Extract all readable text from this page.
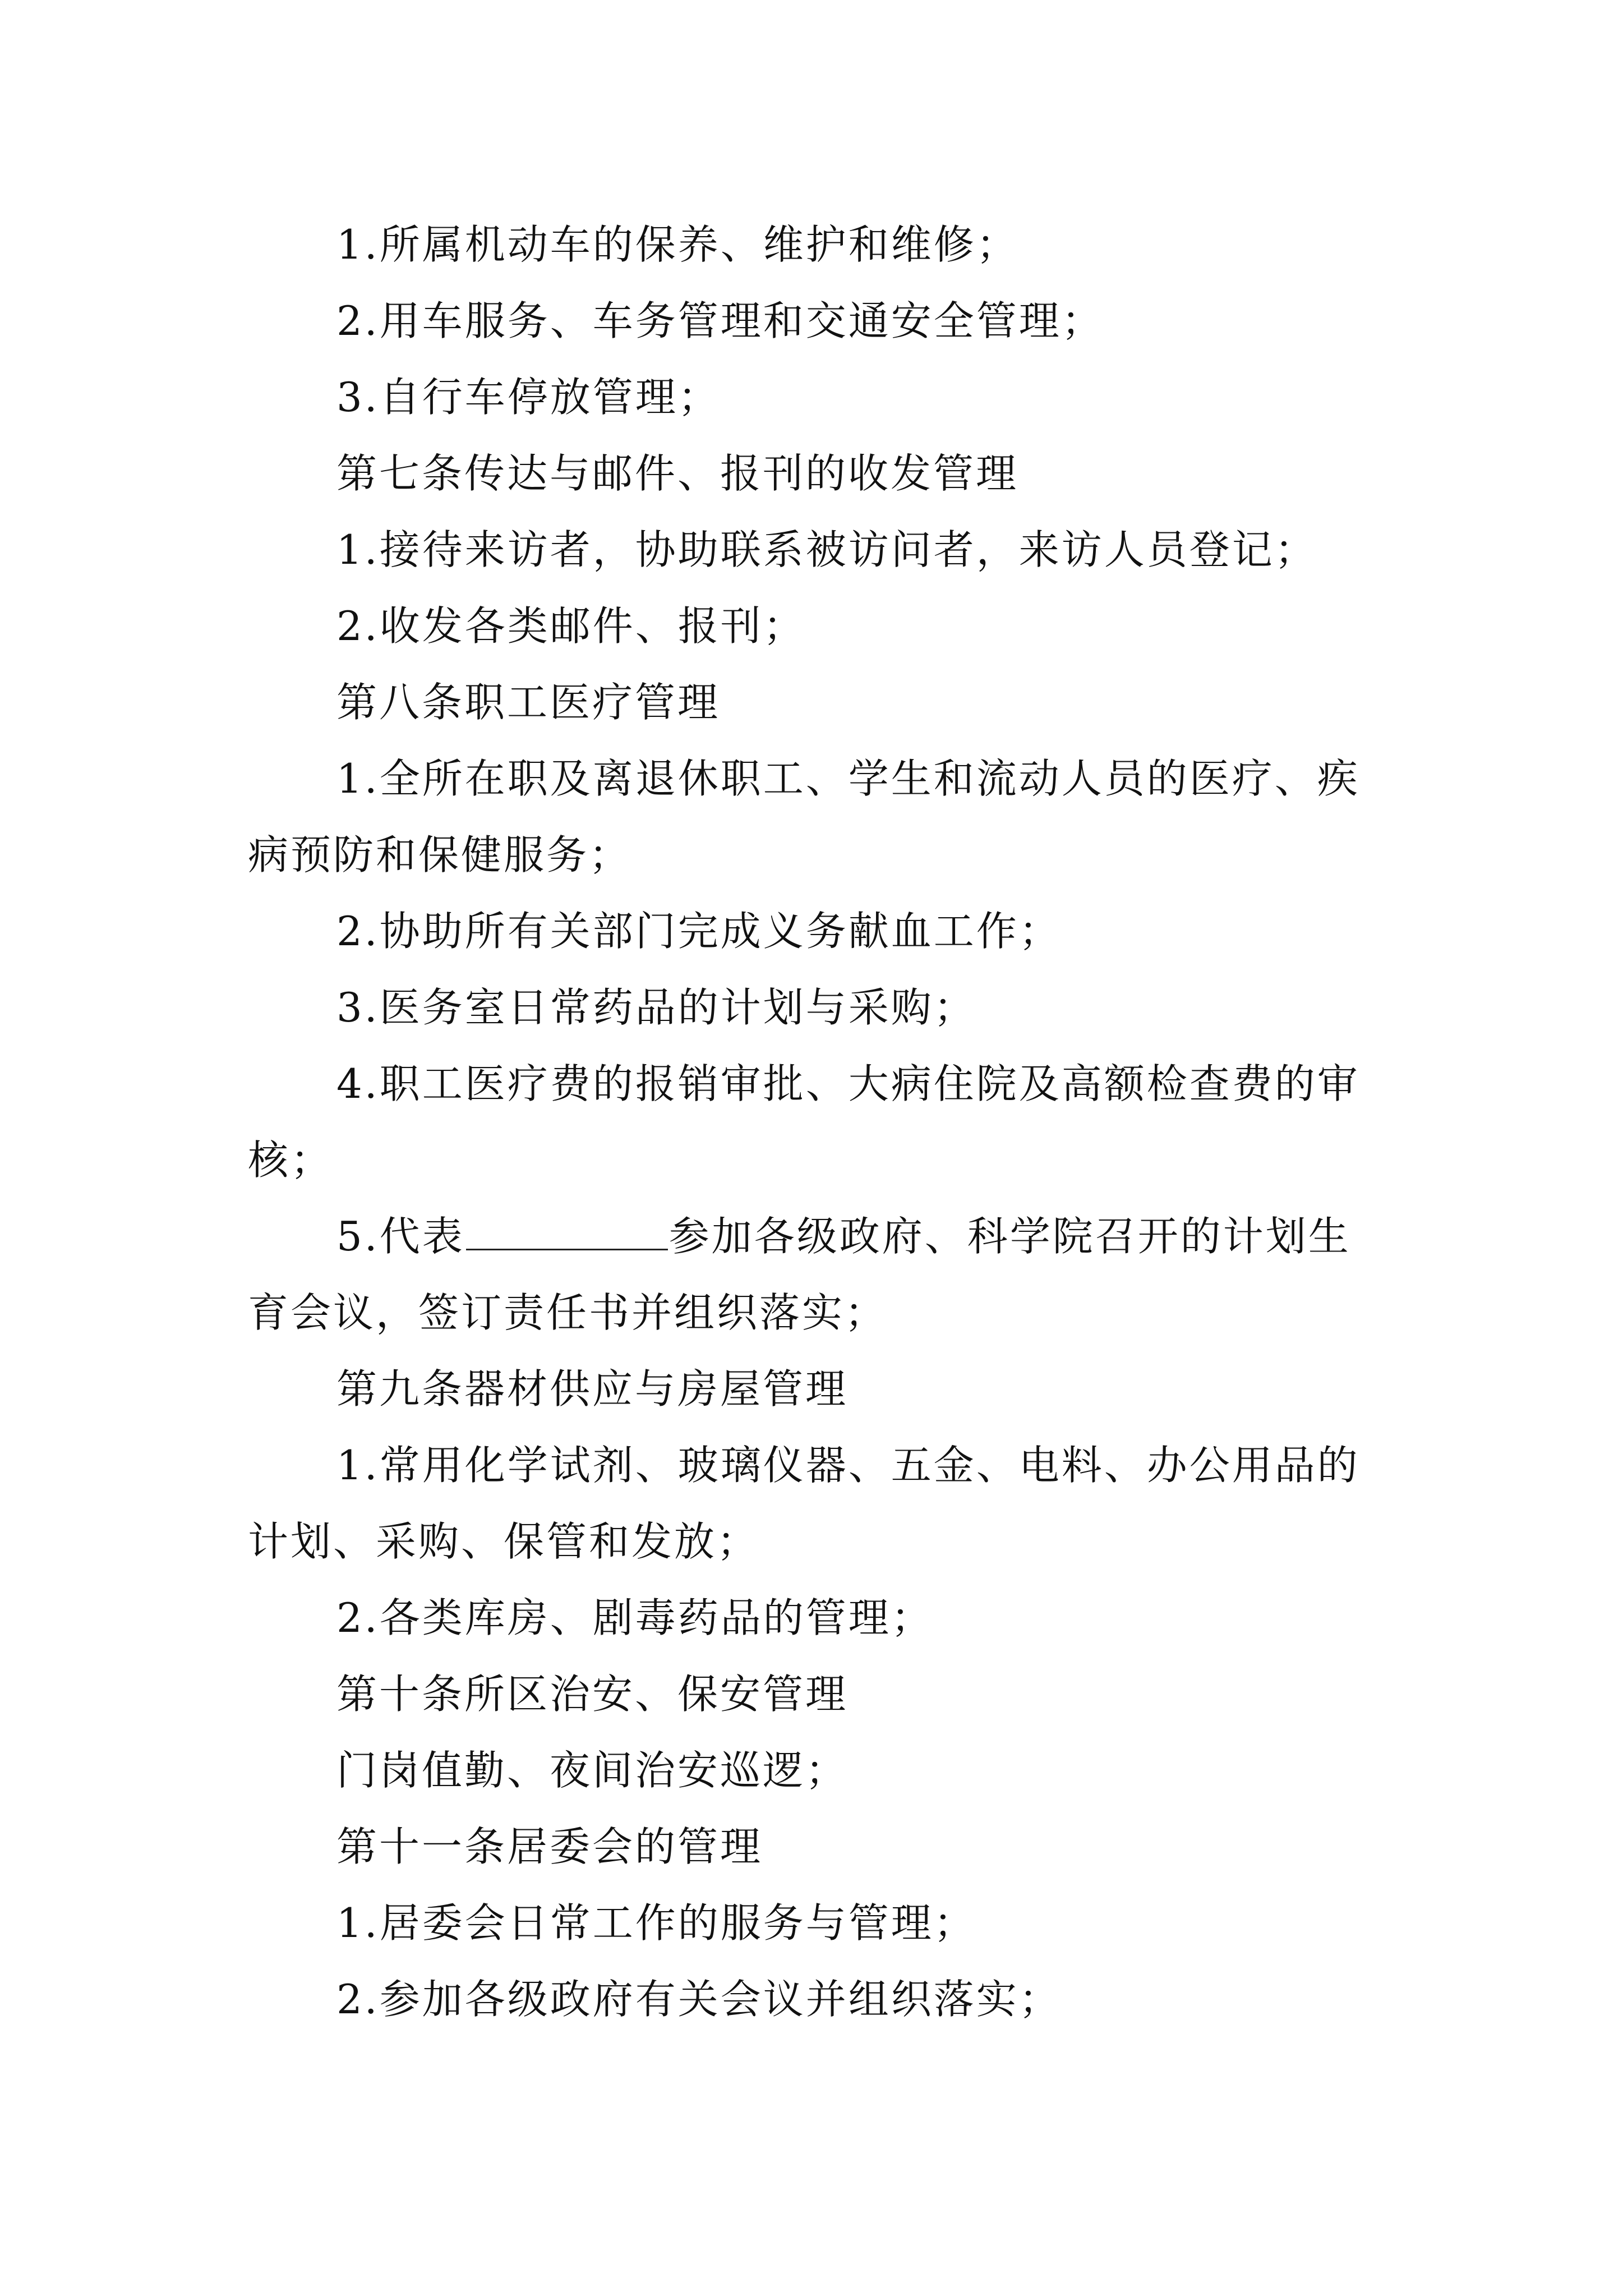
1.所属机动车的保养、维护和维修；

2.用车服务、车务管理和交通安全管理；

3.自行车停放管理；

第七条传达与邮件、报刊的收发管理

1.接待来访者，协助联系被访问者，来访人员登记；

2.收发各类邮件、报刊；

第八条职工医疗管理

1.全所在职及离退休职工、学生和流动人员的医疗、疾病预防和保健服务；

2.协助所有关部门完成义务献血工作；

3.医务室日常药品的计划与采购；

4.职工医疗费的报销审批、大病住院及高额检查费的审核；

5.代表	参加各级政府、科学院召开的计划生育会议，签订责任书并组织落实；

第九条器材供应与房屋管理

1.常用化学试剂、玻璃仪器、五金、电料、办公用品的计划、采购、保管和发放；

2.各类库房、剧毒药品的管理；

第十条所区治安、保安管理

门岗值勤、夜间治安巡逻；

第十一条居委会的管理

1.居委会日常工作的服务与管理；

2.参加各级政府有关会议并组织落实；
